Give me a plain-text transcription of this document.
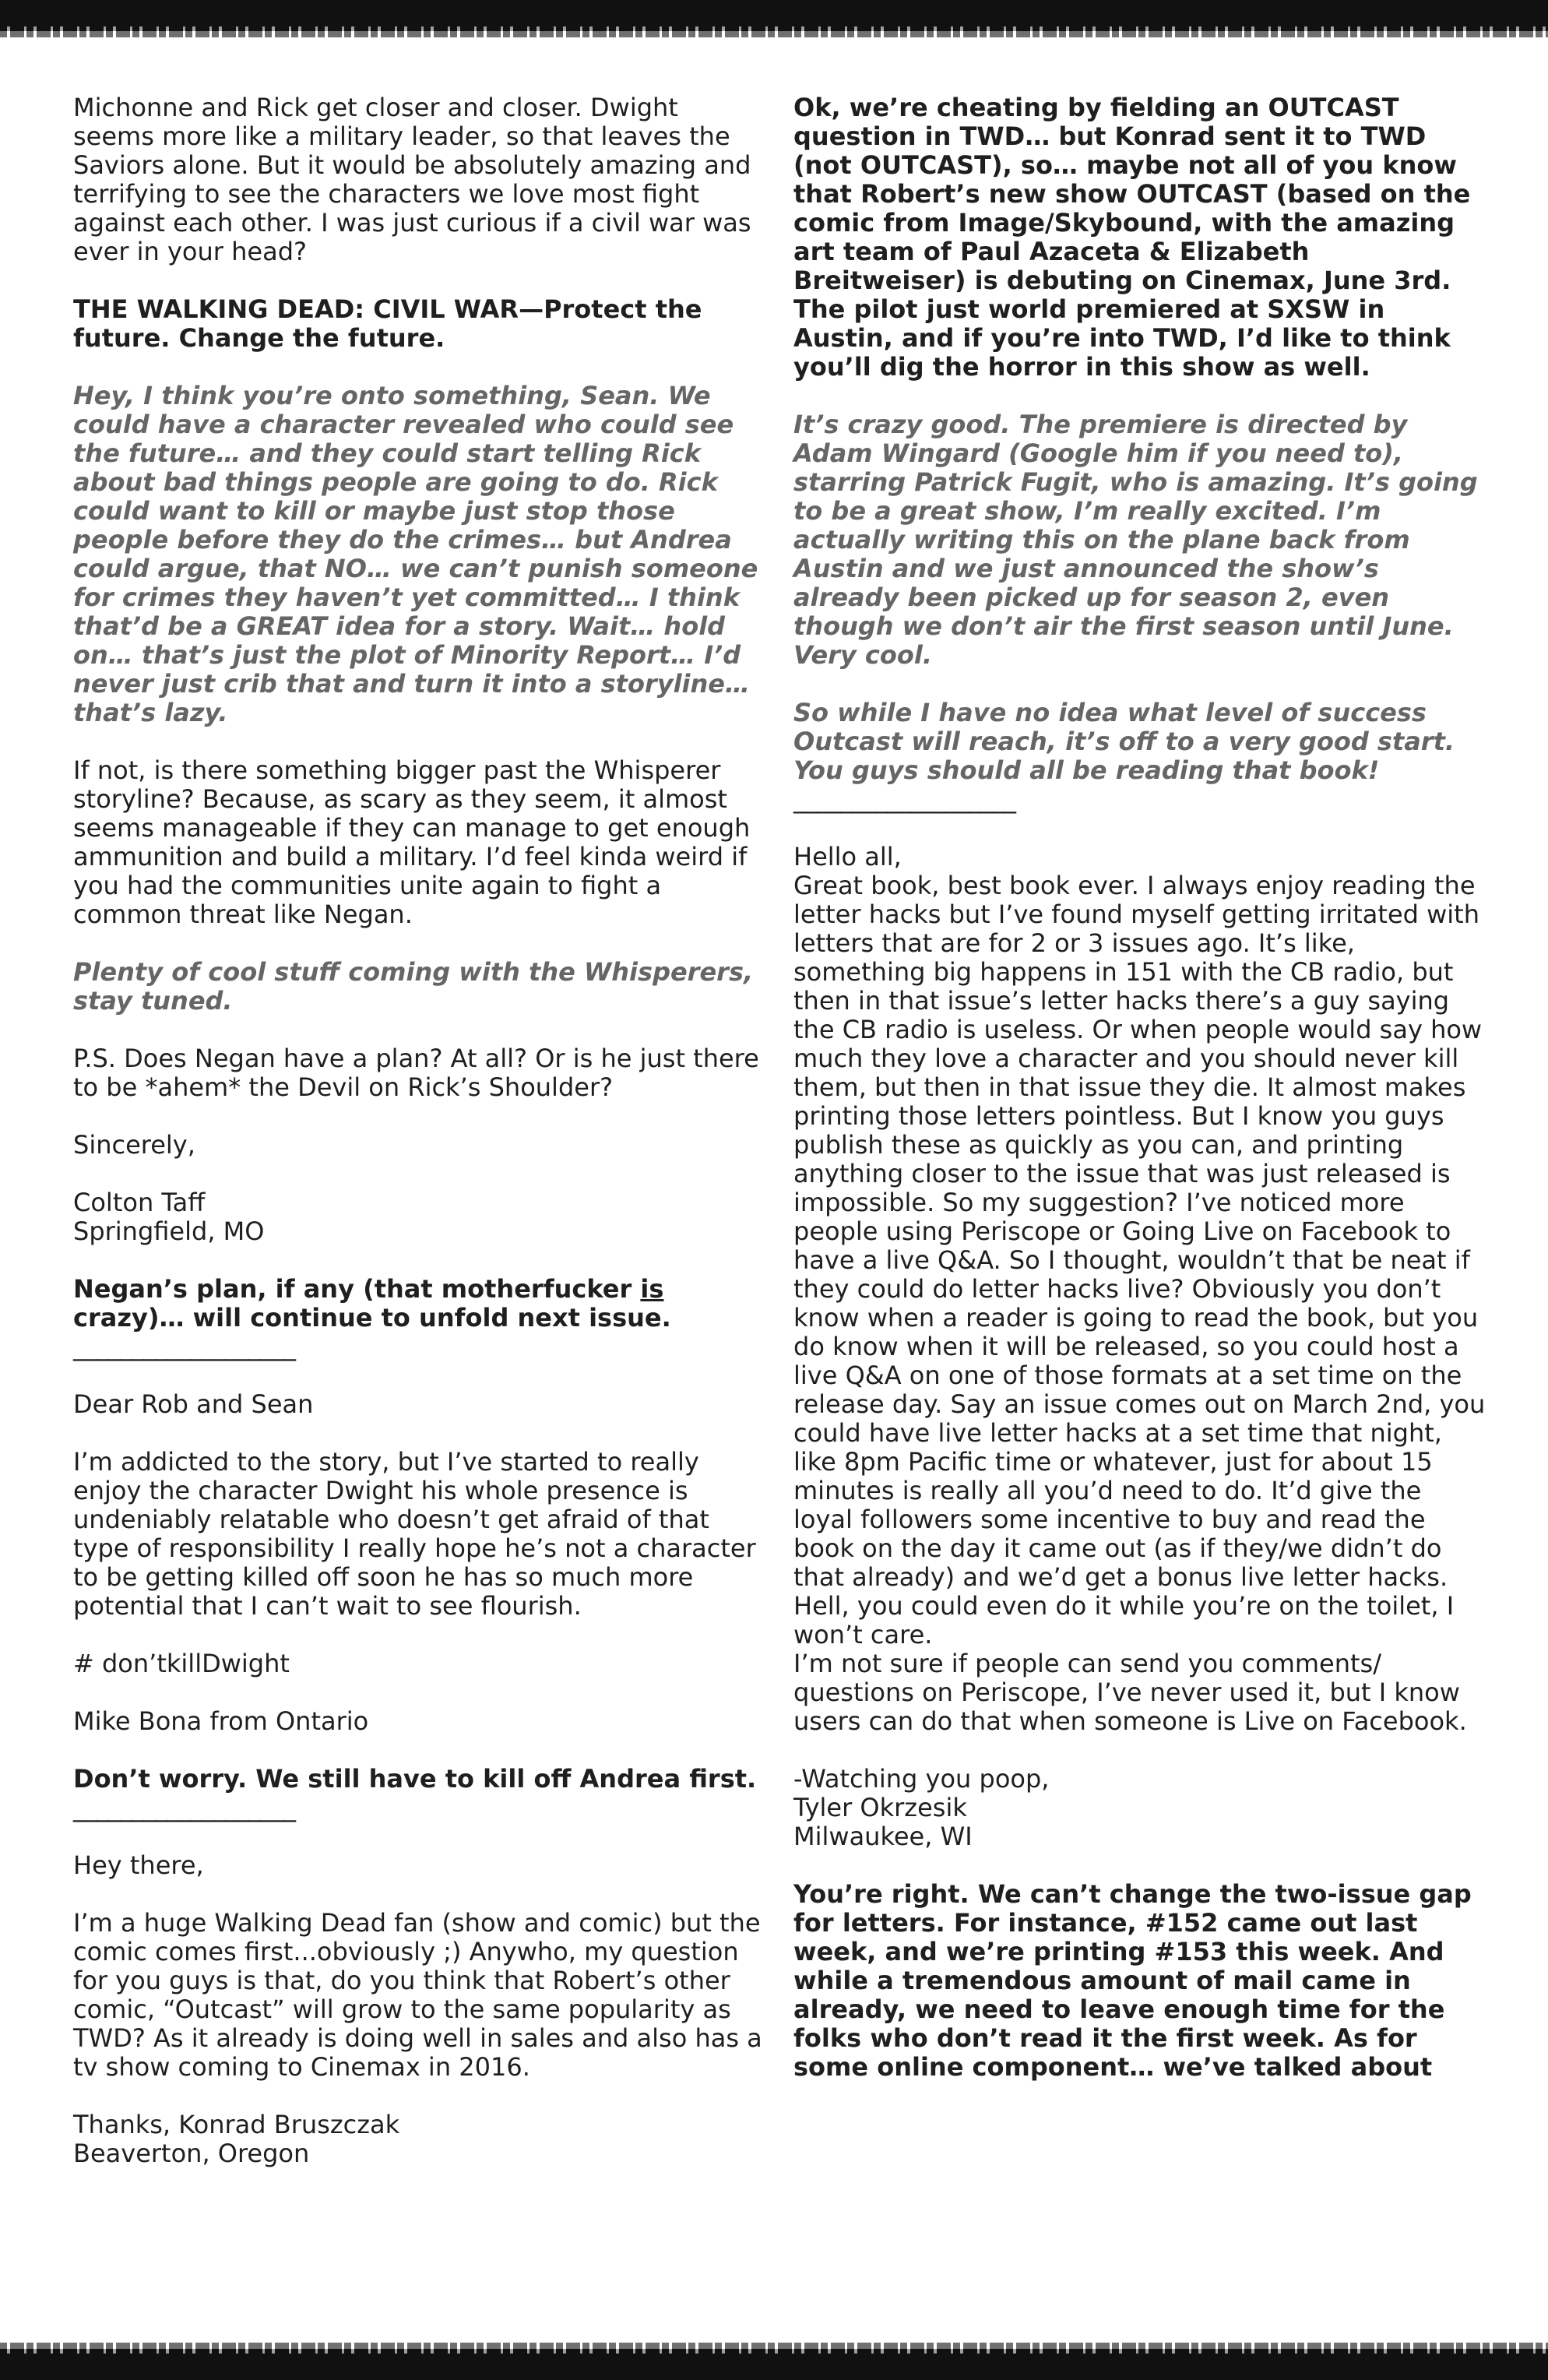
Michonne and Rick get closer and closer. Dwight seems more like a military leader, so that leaves the Saviors alone. But it would be absolutely amazing and terrifying to see the characters we love most fight against each other. I was just curious if a civil war was ever in your head?

THE WALKING DEAD: CIVIL WAR—Protect the future. Change the future.

Hey, I think you’re onto something, Sean. We could have a character revealed who could see the future… and they could start telling Rick about bad things people are going to do. Rick could want to kill or maybe just stop those people before they do the crimes… but Andrea could argue, that NO… we can’t punish someone for crimes they haven’t yet committed… I think that’d be a GREAT idea for a story. Wait… hold on… that’s just the plot of Minority Report… I’d never just crib that and turn it into a storyline… that’s lazy.

If not, is there something bigger past the Whisperer storyline? Because, as scary as they seem, it almost seems manageable if they can manage to get enough ammunition and build a military. I’d feel kinda weird if you had the communities unite again to fight a common threat like Negan.

Plenty of cool stuff coming with the Whisperers, stay tuned.

P.S. Does Negan have a plan? At all? Or is he just there to be *ahem* the Devil on Rick’s Shoulder?

Sincerely,

Colton Taff

Springfield, MO

Negan’s plan, if any (that motherfucker is crazy)… will continue to unfold next issue.

___________________

Dear Rob and Sean

I’m addicted to the story, but I’ve started to really enjoy the character Dwight his whole presence is undeniably relatable who doesn’t get afraid of that type of responsibility I really hope he’s not a character to be getting killed off soon he has so much more potential that I can’t wait to see flourish.

# don’tkillDwight

Mike Bona from Ontario

Don’t worry. We still have to kill off Andrea first.

___________________

Hey there,

I’m a huge Walking Dead fan (show and comic) but the comic comes first...obviously ;) Anywho, my question for you guys is that, do you think that Robert’s other comic, “Outcast” will grow to the same popularity as TWD? As it already is doing well in sales and also has a tv show coming to Cinemax in 2016.

Thanks, Konrad Bruszczak
Beaverton, Oregon

Ok, we’re cheating by fielding an OUTCAST question in TWD… but Konrad sent it to TWD (not OUTCAST), so… maybe not all of you know that Robert’s new show OUTCAST (based on the comic from Image/Skybound, with the amazing art team of Paul Azaceta & Elizabeth Breitweiser) is debuting on Cinemax, June 3rd. The pilot just world premiered at SXSW in Austin, and if you’re into TWD, I’d like to think you’ll dig the horror in this show as well.

It’s crazy good. The premiere is directed by Adam Wingard (Google him if you need to), starring Patrick Fugit, who is amazing. It’s going to be a great show, I’m really excited. I’m actually writing this on the plane back from Austin and we just announced the show’s already been picked up for season 2, even though we don’t air the first season until June. Very cool.

So while I have no idea what level of success Outcast will reach, it’s off to a very good start. You guys should all be reading that book!

___________________

Hello all,
Great book, best book ever. I always enjoy reading the letter hacks but I’ve found myself getting irritated with letters that are for 2 or 3 issues ago. It’s like, something big happens in 151 with the CB radio, but then in that issue’s letter hacks there’s a guy saying the CB radio is useless. Or when people would say how much they love a character and you should never kill them, but then in that issue they die. It almost makes printing those letters pointless. But I know you guys publish these as quickly as you can, and printing anything closer to the issue that was just released is impossible. So my suggestion? I’ve noticed more people using Periscope or Going Live on Facebook to have a live Q&A. So I thought, wouldn’t that be neat if they could do letter hacks live? Obviously you don’t know when a reader is going to read the book, but you do know when it will be released, so you could host a live Q&A on one of those formats at a set time on the release day. Say an issue comes out on March 2nd, you could have live letter hacks at a set time that night, like 8pm Pacific time or whatever, just for about 15 minutes is really all you’d need to do. It’d give the loyal followers some incentive to buy and read the book on the day it came out (as if they/we didn’t do that already) and we’d get a bonus live letter hacks. Hell, you could even do it while you’re on the toilet, I won’t care.
I’m not sure if people can send you comments/ questions on Periscope, I’ve never used it, but I know users can do that when someone is Live on Facebook.

-Watching you poop,
Tyler Okrzesik
Milwaukee, WI

You’re right. We can’t change the two-issue gap for letters. For instance, #152 came out last week, and we’re printing #153 this week. And while a tremendous amount of mail came in already, we need to leave enough time for the folks who don’t read it the first week. As for some online component… we’ve talked about
